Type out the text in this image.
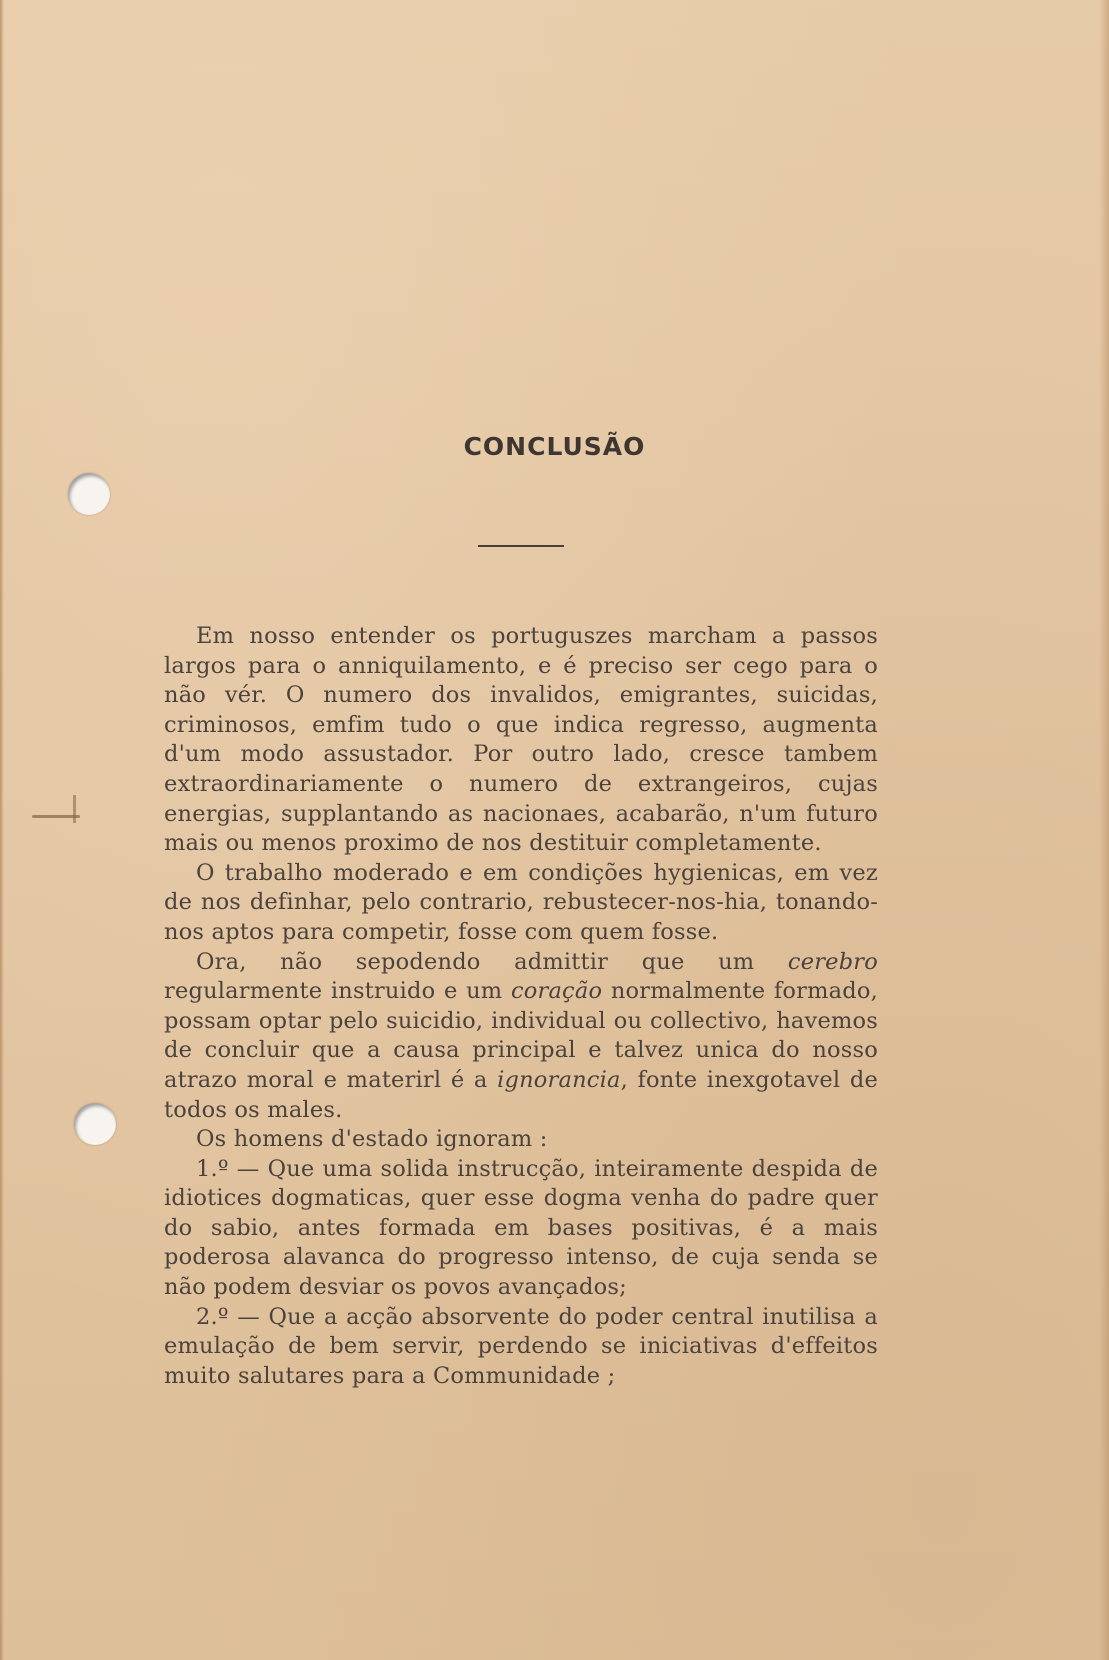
CONCLUSÃO

Em nosso entender os portuguszes marcham a passos largos para o anniquilamento, e é preciso ser cego para o não vér. O numero dos invalidos, emigrantes, suicidas, criminosos, emfim tudo o que indica regresso, augmenta d'um modo assustador. Por outro lado, cresce tambem extraordinariamente o numero de extrangeiros, cujas energias, supplantando as nacionaes, acabarão, n'um futuro mais ou menos proximo de nos destituir completamente.

O trabalho moderado e em condições hygienicas, em vez de nos definhar, pelo contrario, rebustecer-nos-hia, tonando-nos aptos para competir, fosse com quem fosse.

Ora, não sepodendo admittir que um cerebro regularmente instruido e um coração normalmente formado, possam optar pelo suicidio, individual ou collectivo, havemos de concluir que a causa principal e talvez unica do nosso atrazo moral e materirl é a ignorancia, fonte inexgotavel de todos os males.

Os homens d'estado ignoram :

1.º — Que uma solida instrucção, inteiramente despida de idiotices dogmaticas, quer esse dogma venha do padre quer do sabio, antes formada em bases positivas, é a mais poderosa alavanca do progresso intenso, de cuja senda se não podem desviar os povos avançados;

2.º — Que a acção absorvente do poder central inutilisa a emulação de bem servir, perdendo se iniciativas d'effeitos muito salutares para a Communidade ;
